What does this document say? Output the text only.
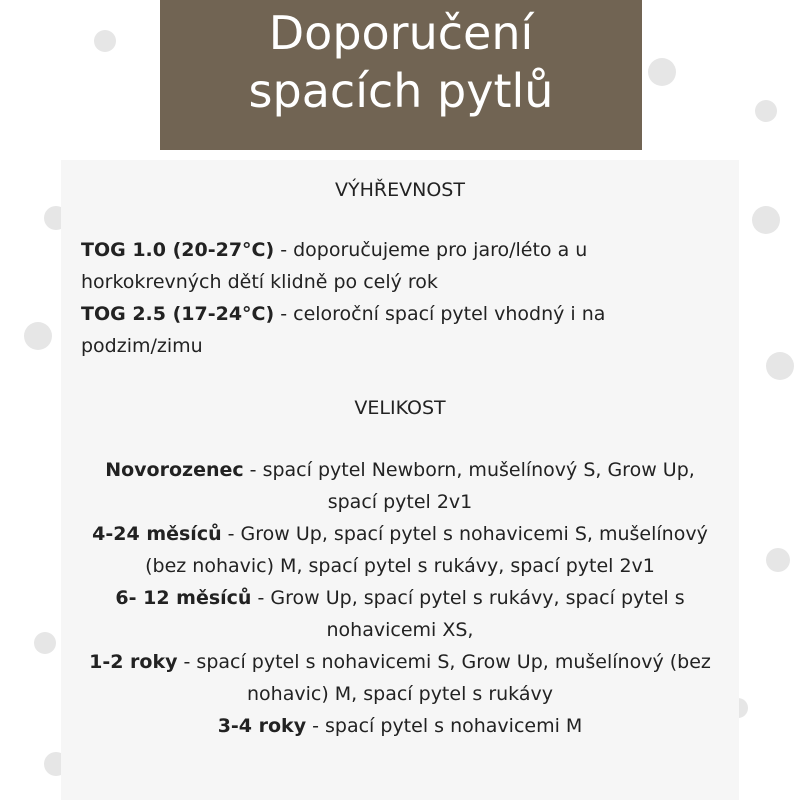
Doporučení
spacích pytlů
VÝHŘEVNOST
TOG 1.0 (20-27°C) - doporučujeme pro jaro/léto a u horkokrevných dětí klidně po celý rok
TOG 2.5 (17-24°C) - celoroční spací pytel vhodný i na podzim/zimu
VELIKOST
Novorozenec - spací pytel Newborn, mušelínový S, Grow Up, spací pytel 2v1
4-24 měsíců - Grow Up, spací pytel s nohavicemi S, mušelínový (bez nohavic) M, spací pytel s rukávy, spací pytel 2v1
6- 12 měsíců - Grow Up, spací pytel s rukávy, spací pytel s nohavicemi XS,
1-2 roky - spací pytel s nohavicemi S, Grow Up, mušelínový (bez nohavic) M, spací pytel s rukávy
3-4 roky - spací pytel s nohavicemi M
